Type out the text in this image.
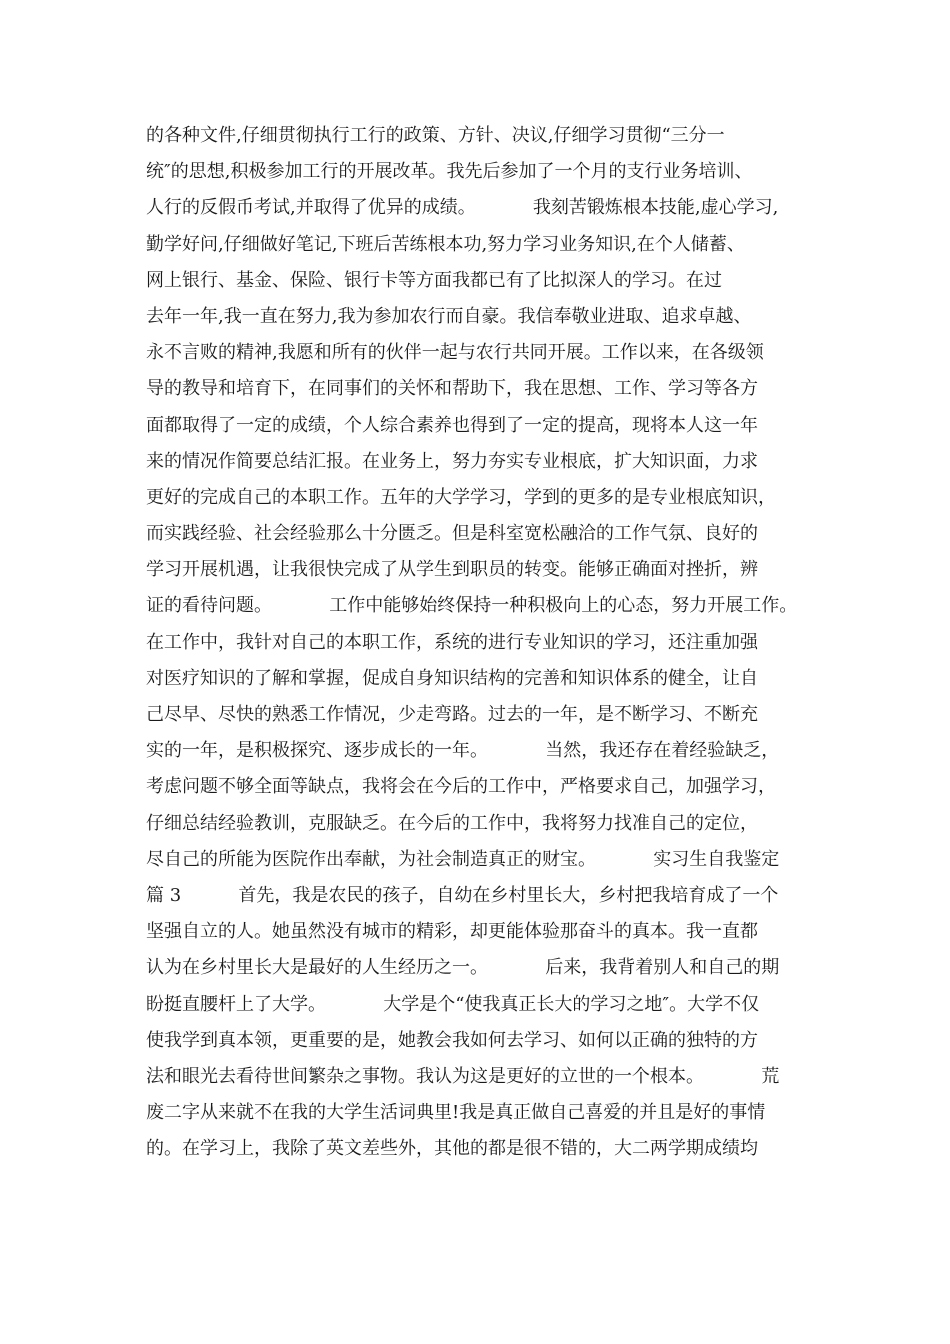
的各种文件,仔细贯彻执行工行的政策、方针、决议,仔细学习贯彻“三分一
统″的思想,积极参加工行的开展改革。我先后参加了一个月的支行业务培训、
人行的反假币考试,并取得了优异的成绩。          我刻苦锻炼根本技能,虚心学习,
勤学好问,仔细做好笔记,下班后苦练根本功,努力学习业务知识,在个人储蓄、
网上银行、基金、保险、银行卡等方面我都已有了比拟深人的学习。在过
去年一年,我一直在努力,我为参加农行而自豪。我信奉敬业进取、追求卓越、
永不言败的精神,我愿和所有的伙伴一起与农行共同开展。工作以来，在各级领
导的教导和培育下，在同事们的关怀和帮助下，我在思想、工作、学习等各方
面都取得了一定的成绩，个人综合素养也得到了一定的提高，现将本人这一年
来的情况作简要总结汇报。在业务上，努力夯实专业根底，扩大知识面，力求
更好的完成自己的本职工作。五年的大学学习，学到的更多的是专业根底知识，
而实践经验、社会经验那么十分匮乏。但是科室宽松融洽的工作气氛、良好的
学习开展机遇，让我很快完成了从学生到职员的转变。能够正确面对挫折，辨
证的看待问题。          工作中能够始终保持一种积极向上的心态，努力开展工作。
在工作中，我针对自己的本职工作，系统的进行专业知识的学习，还注重加强
对医疗知识的了解和掌握，促成自身知识结构的完善和知识体系的健全，让自
己尽早、尽快的熟悉工作情况，少走弯路。过去的一年，是不断学习、不断充
实的一年，是积极探究、逐步成长的一年。          当然，我还存在着经验缺乏，
考虑问题不够全面等缺点，我将会在今后的工作中，严格要求自己，加强学习，
仔细总结经验教训，克服缺乏。在今后的工作中，我将努力找准自己的定位，
尽自己的所能为医院作出奉献，为社会制造真正的财宝。          实习生自我鉴定
篇 3          首先，我是农民的孩子，自幼在乡村里长大，乡村把我培育成了一个
坚强自立的人。她虽然没有城市的精彩，却更能体验那奋斗的真本。我一直都
认为在乡村里长大是最好的人生经历之一。          后来，我背着别人和自己的期
盼挺直腰杆上了大学。          大学是个“使我真正长大的学习之地″。大学不仅
使我学到真本领，更重要的是，她教会我如何去学习、如何以正确的独特的方
法和眼光去看待世间繁杂之事物。我认为这是更好的立世的一个根本。          荒
废二字从来就不在我的大学生活词典里!我是真正做自己喜爱的并且是好的事情
的。在学习上，我除了英文差些外，其他的都是很不错的，大二两学期成绩均
